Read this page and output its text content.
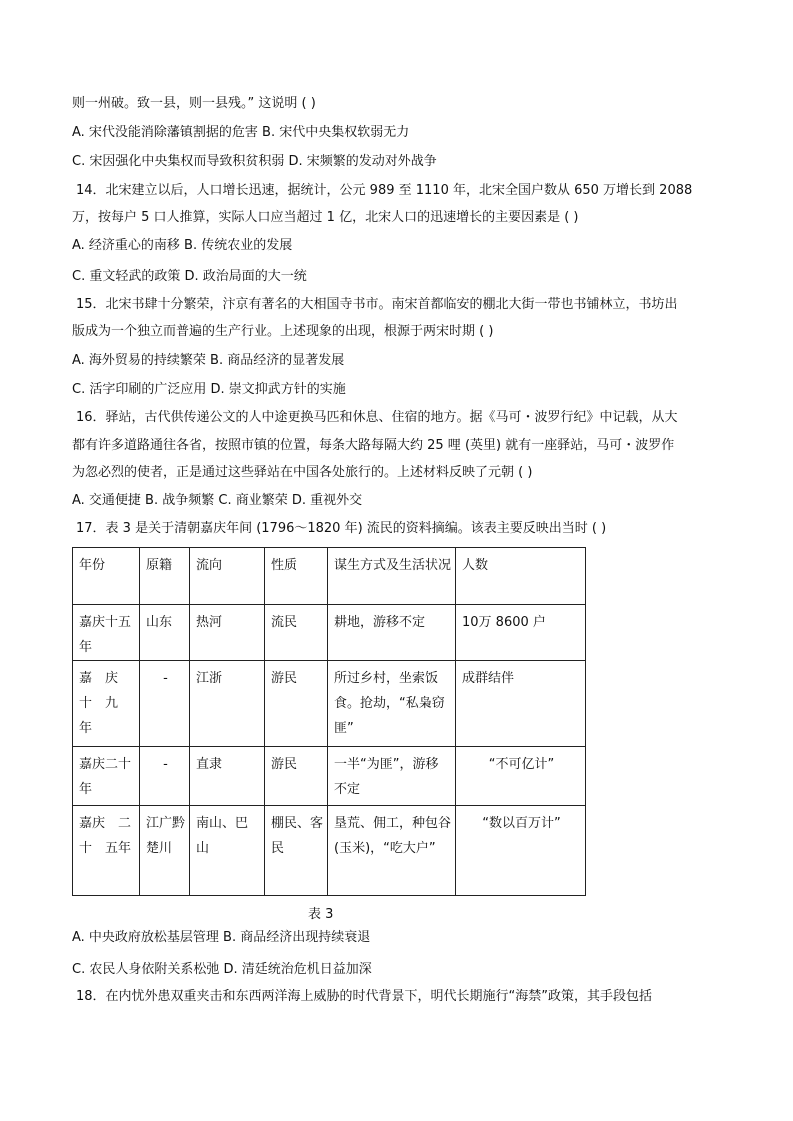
则一州破。致一县，则一县残。” 这说明 ( )
A. 宋代没能消除藩镇割据的危害 B. 宋代中央集权软弱无力
C. 宋因强化中央集权而导致积贫积弱 D. 宋频繁的发动对外战争
14．北宋建立以后，人口增长迅速，据统计，公元 989 至 1110 年，北宋全国户数从 650 万增长到 2088
万，按每户 5 口人推算，实际人口应当超过 1 亿，北宋人口的迅速增长的主要因素是 ( )
A. 经济重心的南移 B. 传统农业的发展
C. 重文轻武的政策 D. 政治局面的大一统
15．北宋书肆十分繁荣，汴京有著名的大相国寺书市。南宋首都临安的棚北大街一带也书铺林立，书坊出
版成为一个独立而普遍的生产行业。上述现象的出现，根源于两宋时期 ( )
A. 海外贸易的持续繁荣 B. 商品经济的显著发展
C. 活字印刷的广泛应用 D. 崇文抑武方针的实施
16．驿站，古代供传递公文的人中途更换马匹和休息、住宿的地方。据《马可・波罗行纪》中记载，从大
都有许多道路通往各省，按照市镇的位置，每条大路每隔大约 25 哩 (英里) 就有一座驿站，马可・波罗作
为忽必烈的使者，正是通过这些驿站在中国各处旅行的。上述材料反映了元朝 ( )
A. 交通便捷 B. 战争频繁 C. 商业繁荣 D. 重视外交
17．表 3 是关于清朝嘉庆年间 (1796～1820 年) 流民的资料摘编。该表主要反映出当时 ( )
年份	原籍	流向	性质	谋生方式及生活状况	人数
嘉庆十五年	山东	热河	流民	耕地，游移不定	10万 8600 户
嘉　庆　十　九　年	-	江浙	游民	所过乡村，坐索饭食。抢劫，“私枭窃匪”	成群结伴
嘉庆二十年	-	直隶	游民	一半“为匪”，游移不定	“不可亿计”
嘉庆　二　十　五年	江广黔楚川	南山、巴山	棚民、客民	垦荒、佣工，种包谷 (玉米)，“吃大户”	“数以百万计”
表 3
A. 中央政府放松基层管理 B. 商品经济出现持续衰退
C. 农民人身依附关系松弛 D. 清廷统治危机日益加深
18．在内忧外患双重夹击和东西两洋海上威胁的时代背景下，明代长期施行“海禁”政策，其手段包括
